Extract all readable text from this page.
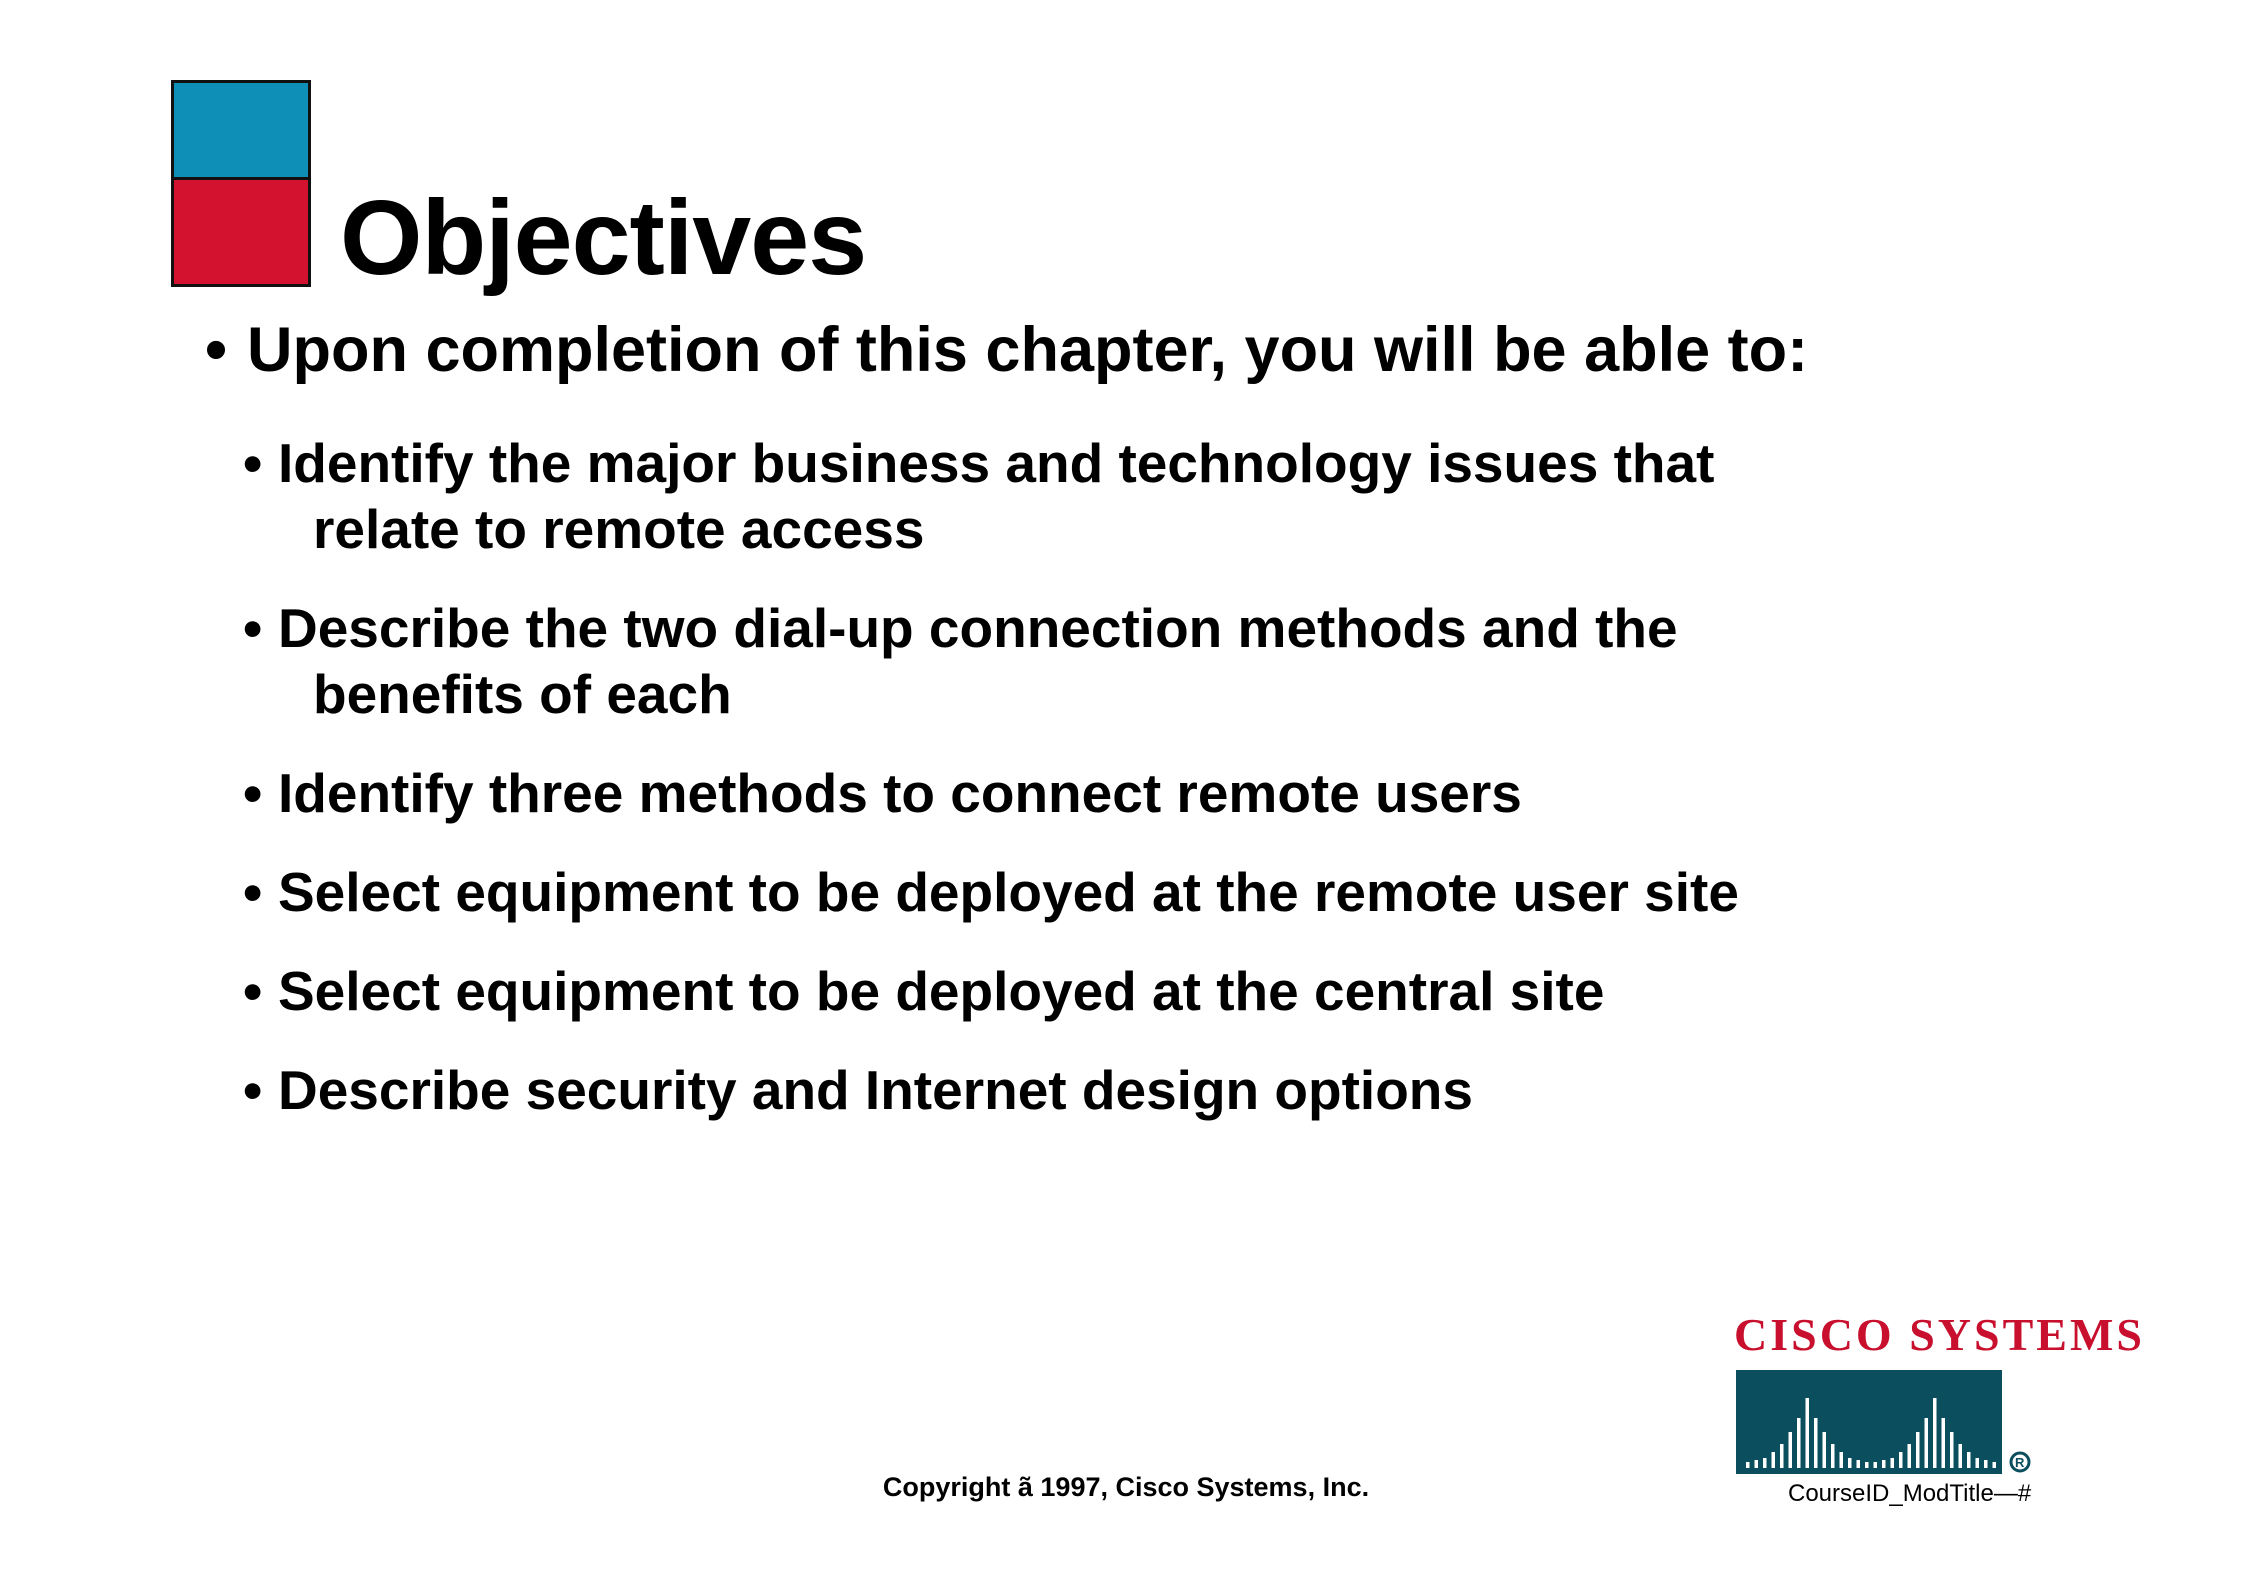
Objectives
• Upon completion of this chapter, you will be able to:
• Identify the major business and technology issues that
relate to remote access
• Describe the two dial-up connection methods and the
benefits of each
• Identify three methods to connect remote users
• Select equipment to be deployed at the remote user site
• Select equipment to be deployed at the central site
• Describe security and Internet design options
Copyright ã 1997, Cisco Systems, Inc.
CISCO SYSTEMS
R
CourseID_ModTitle—#
